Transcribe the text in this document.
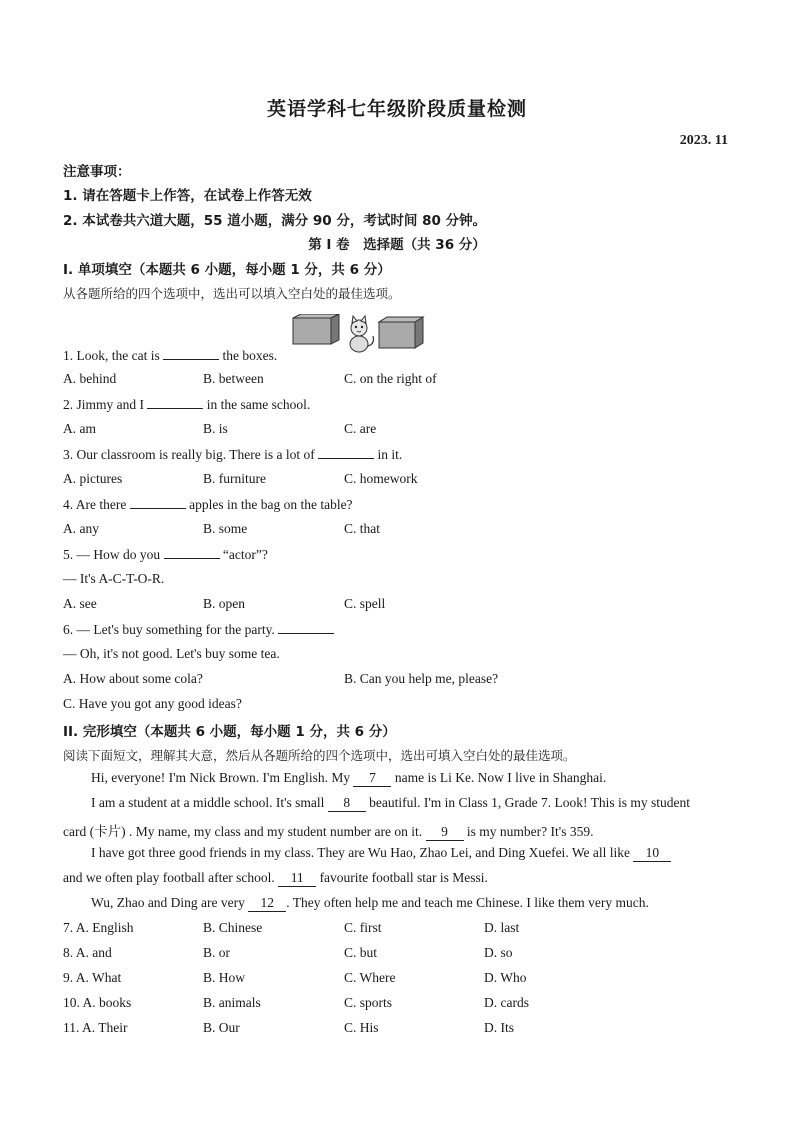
英语学科七年级阶段质量检测
2023. 11
注意事项：
1. 请在答题卡上作答，在试卷上作答无效
2. 本试卷共六道大题，55 道小题，满分 90 分，考试时间 80 分钟。
第 I 卷　选择题（共 36 分）
I. 单项填空（本题共 6 小题，每小题 1 分，共 6 分）
从各题所给的四个选项中，选出可以填入空白处的最佳选项。
1. Look, the cat is	the boxes.
A. behind	B. between	C. on the right of
2. Jimmy and I	in the same school.
A. am	B. is	C. are
3. Our classroom is really big. There is a lot of	in it.
A. pictures	B. furniture	C. homework
4. Are there	apples in the bag on the table?
A. any	B. some	C. that
5. — How do you	“actor”?
— It's A-C-T-O-R.
A. see	B. open	C. spell
6. — Let's buy something for the party.
— Oh, it's not good. Let's buy some tea.
A. How about some cola?	B. Can you help me, please?
C. Have you got any good ideas?
II. 完形填空（本题共 6 小题，每小题 1 分，共 6 分）
阅读下面短文，理解其大意，然后从各题所给的四个选项中，选出可填入空白处的最佳选项。
Hi, everyone! I'm Nick Brown. I'm English. My 7 name is Li Ke. Now I live in Shanghai.
I am a student at a middle school. It's small 8 beautiful. I'm in Class 1, Grade 7. Look! This is my student
card (卡片) . My name, my class and my student number are on it. 9 is my number? It's 359.
I have got three good friends in my class. They are Wu Hao, Zhao Lei, and Ding Xuefei. We all like 10
and we often play football after school. 11 favourite football star is Messi.
Wu, Zhao and Ding are very 12 . They often help me and teach me Chinese. I like them very much.
7. A. English	B. Chinese	C. first	D. last
8. A. and	B. or	C. but	D. so
9. A. What	B. How	C. Where	D. Who
10. A. books	B. animals	C. sports	D. cards
11. A. Their	B. Our	C. His	D. Its
